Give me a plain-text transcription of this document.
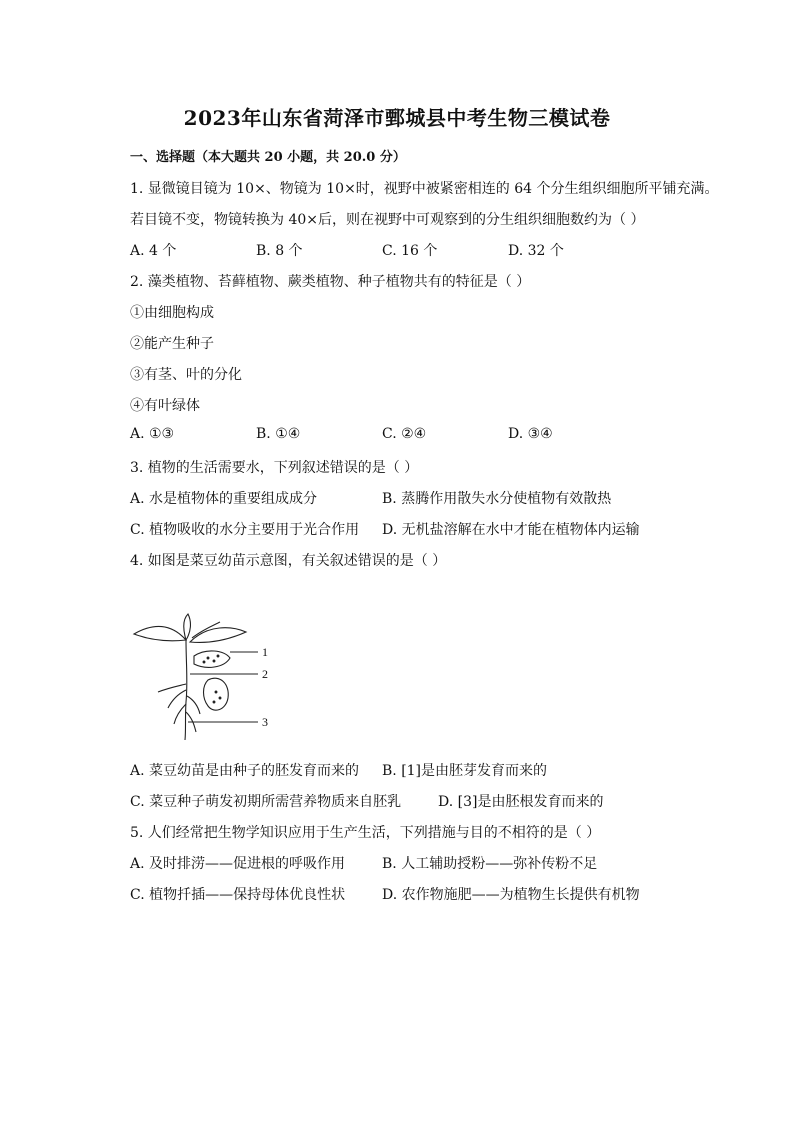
2023年山东省菏泽市鄄城县中考生物三模试卷
一、选择题（本大题共 20 小题，共 20.0 分）
1. 显微镜目镜为 10×、物镜为 10×时，视野中被紧密相连的 64 个分生组织细胞所平铺充满。
若目镜不变，物镜转换为 40×后，则在视野中可观察到的分生组织细胞数约为（ ）
A. 4 个	B. 8 个	C. 16 个	D. 32 个
2. 藻类植物、苔藓植物、蕨类植物、种子植物共有的特征是（ ）
①由细胞构成
②能产生种子
③有茎、叶的分化
④有叶绿体
A. ①③	B. ①④	C. ②④	D. ③④
3. 植物的生活需要水，下列叙述错误的是（ ）
A. 水是植物体的重要组成成分	B. 蒸腾作用散失水分使植物有效散热
C. 植物吸收的水分主要用于光合作用 D. 无机盐溶解在水中才能在植物体内运输
4. 如图是菜豆幼苗示意图，有关叙述错误的是（ ）
1
2
3
A. 菜豆幼苗是由种子的胚发育而来的 B. [1]是由胚芽发育而来的
C. 菜豆种子萌发初期所需营养物质来自胚乳	D. [3]是由胚根发育而来的
5. 人们经常把生物学知识应用于生产生活，下列措施与目的不相符的是（ ）
A. 及时排涝——促进根的呼吸作用	B. 人工辅助授粉——弥补传粉不足
C. 植物扦插——保持母体优良性状	D. 农作物施肥——为植物生长提供有机物
